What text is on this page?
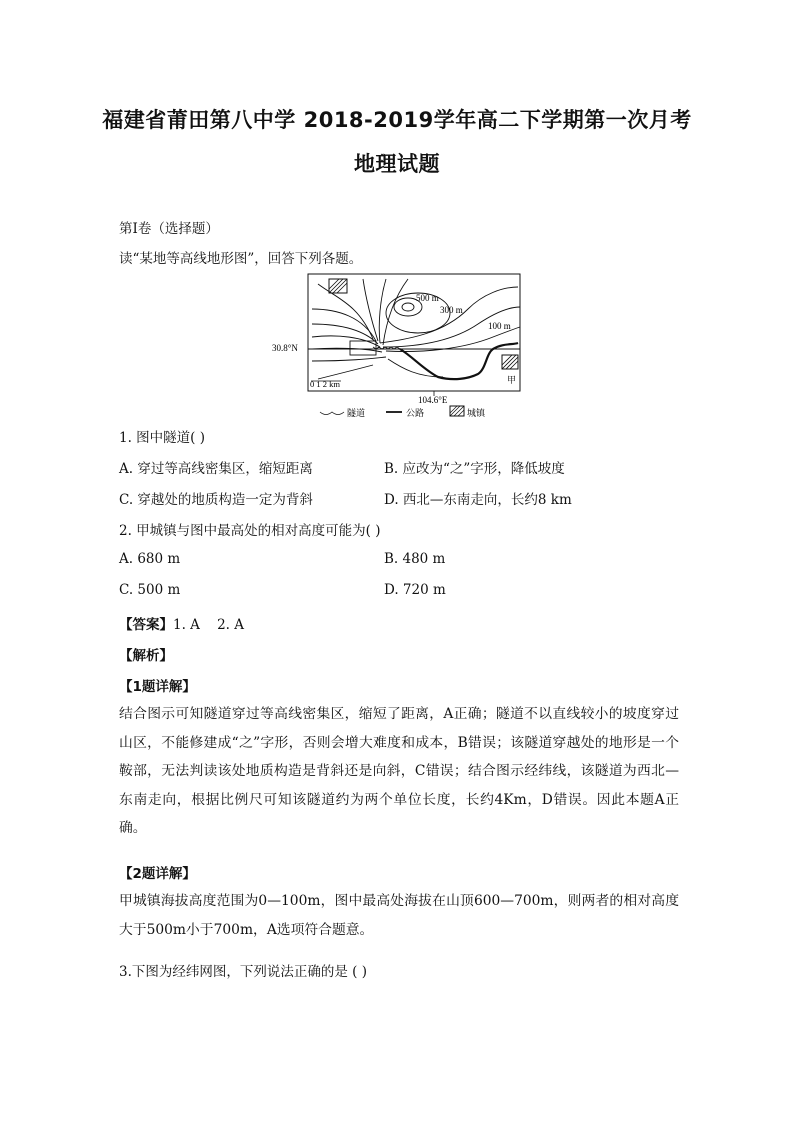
福建省莆田第八中学 2018-2019学年高二下学期第一次月考
地理试题
第Ⅰ卷（选择题）
读“某地等高线地形图”，回答下列各题。
甲
500 m
300 m
100 m
30.8°N
0 1 2 km
104.6°E
隧道	公路	城镇
1. 图中隧道( )
A. 穿过等高线密集区，缩短距离	B. 应改为“之”字形，降低坡度
C. 穿越处的地质构造一定为背斜	D. 西北—东南走向，长约8 km
2. 甲城镇与图中最高处的相对高度可能为( )
A. 680 m	B. 480 m
C. 500 m	D. 720 m
【答案】1. A    2. A
【解析】
【1题详解】
结合图示可知隧道穿过等高线密集区，缩短了距离，A正确；隧道不以直线较小的坡度穿过山区，不能修建成“之”字形，否则会增大难度和成本，B错误；该隧道穿越处的地形是一个鞍部，无法判读该处地质构造是背斜还是向斜，C错误；结合图示经纬线，该隧道为西北—东南走向，根据比例尺可知该隧道约为两个单位长度，长约4Km，D错误。因此本题A正确。
【2题详解】
甲城镇海拔高度范围为0—100m，图中最高处海拔在山顶600—700m，则两者的相对高度大于500m小于700m，A选项符合题意。
3.下图为经纬网图，下列说法正确的是 ( )
